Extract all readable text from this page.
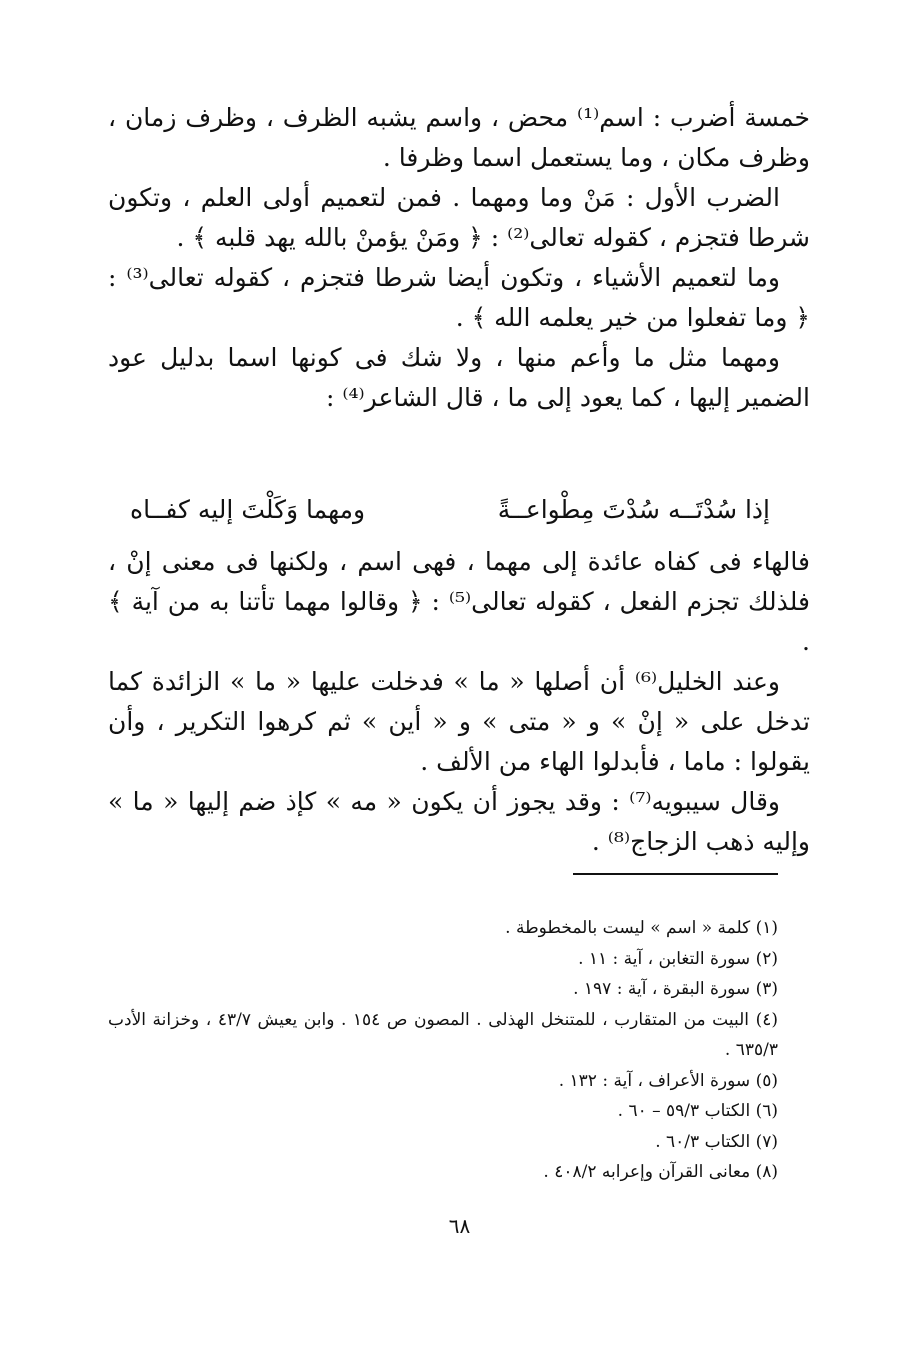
خمسة أضرب : اسم⁽¹⁾ محض ، واسم يشبه الظرف ، وظرف زمان ، وظرف مكان ، وما يستعمل اسما وظرفا .

الضرب الأول : مَنْ وما ومهما . فمن لتعميم أولى العلم ، وتكون شرطا فتجزم ، كقوله تعالى⁽²⁾ : ﴿ ومَنْ يؤمنْ بالله يهد قلبه ﴾ .

وما لتعميم الأشياء ، وتكون أيضا شرطا فتجزم ، كقوله تعالى⁽³⁾ : ﴿ وما تفعلوا من خير يعلمه الله ﴾ .

ومهما مثل ما وأعم منها ، ولا شك فى كونها اسما بدليل عود الضمير إليها ، كما يعود إلى ما ، قال الشاعر⁽⁴⁾ :

إذا سُدْتَــه سُدْتَ مِطْواعــةً
ومهما وَكَلْتَ إليه كفــاه

فالهاء فى كفاه عائدة إلى مهما ، فهى اسم ، ولكنها فى معنى إنْ ، فلذلك تجزم الفعل ، كقوله تعالى⁽⁵⁾ : ﴿ وقالوا مهما تأتنا به من آية ﴾ .

وعند الخليل⁽⁶⁾ أن أصلها « ما » فدخلت عليها « ما » الزائدة كما تدخل على « إنْ » و « متى » و « أين » ثم كرهوا التكرير ، وأن يقولوا : ماما ، فأبدلوا الهاء من الألف .

وقال سيبويه⁽⁷⁾ : وقد يجوز أن يكون « مه » كإذ ضم إليها « ما » وإليه ذهب الزجاج⁽⁸⁾ .

(١) كلمة « اسم » ليست بالمخطوطة .

(٢) سورة التغابن ، آية : ١١ .

(٣) سورة البقرة ، آية : ١٩٧ .

(٤) البيت من المتقارب ، للمتنخل الهذلى . المصون ص ١٥٤ . وابن يعيش ٤٣/٧ ، وخزانة الأدب ٦٣٥/٣ .

(٥) سورة الأعراف ، آية : ١٣٢ .

(٦) الكتاب ٥٩/٣ – ٦٠ .

(٧) الكتاب ٦٠/٣ .

(٨) معانى القرآن وإعرابه ٤٠٨/٢ .

٦٨
